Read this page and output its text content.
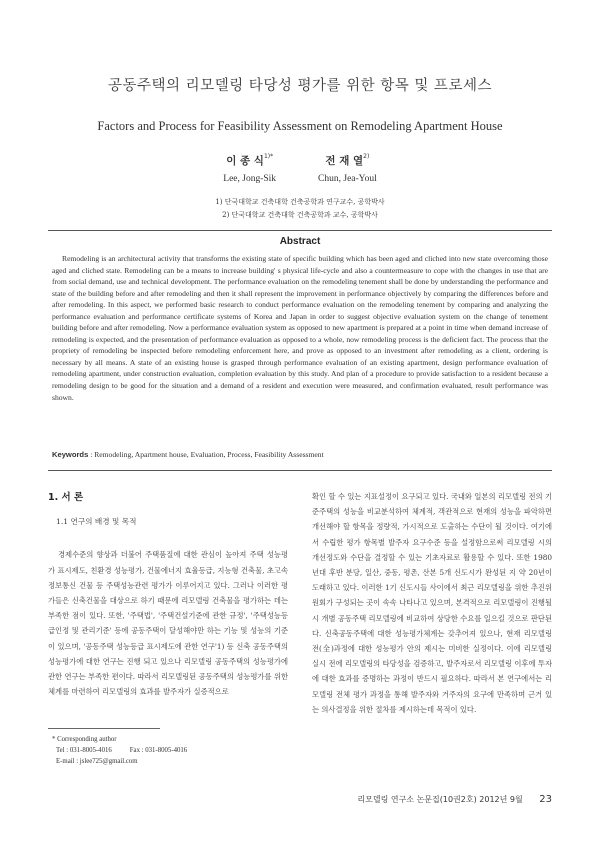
공동주택의 리모델링 타당성 평가를 위한 항목 및 프로세스
Factors and Process for Feasibility Assessment on Remodeling Apartment House
이 종 식$^{1)*}$
Lee, Jong-Sik
전 재 열$^{2)}$
Chun, Jea-Youl
1) 단국대학교 건축대학 건축공학과 연구교수, 공학박사
2) 단국대학교 건축대학 건축공학과 교수, 공학박사
Abstract
Remodeling is an architectural activity that transforms the existing state of specific building which has been aged and cliched into new state overcoming those aged and cliched state. Remodeling can be a means to increase building' s physical life-cycle and also a countermeasure to cope with the changes in use that are from social demand, use and technical development. The performance evaluation on the remodeling tenement shall be done by understanding the performance and state of the building before and after remodeling and then it shall represent the improvement in performance objectively by comparing the differences before and after remodeling. In this aspect, we performed basic research to conduct performance evaluation on the remodeling tenement by comparing and analyzing the performance evaluation and performance certificate systems of Korea and Japan in order to suggest objective evaluation system on the change of tenement building before and after remodeling. Now a performance evaluation system as opposed to new apartment is prepared at a point in time when demand increase of remodeling is expected, and the presentation of performance evaluation as opposed to a whole, now remodeling process is the deficient fact. The process that the propriety of remodeling be inspected before remodeling enforcement here, and prove as opposed to an investment after remodeling as a client, ordering is necessary by all means. A state of an existing house is grasped through performance evaluation of an existing apartment, design performance evaluation of remodeling apartment, under construction evaluation, completion evaluation by this study. And plan of a procedure to provide satisfaction to a resident because a remodeling design to be good for the situation and a demand of a resident and execution were measured, and confirmation evaluated, result performance was shown.
Keywords : Remodeling, Apartment house, Evaluation, Process, Feasibility Assessment
1. 서 론
1.1 연구의 배경 및 목적
경제수준의 향상과 더불어 주택품질에 대한 관심이 높아져 주택 성능평가 표시제도, 친환경 성능평가, 건물에너지 효율등급, 지능형 건축물, 초고속 정보통신 건물 등 주택성능관련 평가가 이루어지고 있다. 그러나 이러한 평가들은 신축건물을 대상으로 하기 때문에 리모델링 건축물을 평가하는 데는 부족한 점이 있다. 또한, '주택법', '주택건설기준에 관한 규정', '주택성능등급인정 및 관리기준' 등에 공동주택이 달성해야만 하는 기능 및 성능의 기준이 있으며, '공동주택 성능등급 표시제도에 관한 연구'1) 등 신축 공동주택의 성능평가에 대한 연구는 진행 되고 있으나 리모델링 공동주택의 성능평가에 관한 연구는 부족한 편이다. 따라서 리모델링된 공동주택의 성능평가를 위한 체계를 마련하여 리모델링의 효과를 발주자가 실증적으로
확인 할 수 있는 지표설정이 요구되고 있다. 국내와 일본의 리모델링 전의 기준주택의 성능을 비교분석하여 체계적, 객관적으로 현재의 성능을 파악하면 개선해야 할 항목을 정량적, 가시적으로 도출하는 수단이 될 것이다. 여기에서 수립한 평가 항목별 발주자 요구수준 등을 설정함으로써 리모델링 시의 개선정도와 수단을 결정할 수 있는 기초자료로 활용할 수 있다. 또한 1980년대 후반 분당, 일산, 중동, 평촌, 산본 5개 신도시가 완성된 지 약 20년이 도래하고 있다. 이러한 1기 신도시들 사이에서 최근 리모델링을 위한 추진위원회가 구성되는 곳이 속속 나타나고 있으며, 본격적으로 리모델링이 진행될시 개별 공동주택 리모델링에 비교하여 상당한 수요를 일으킬 것으로 판단된다. 신축공동주택에 대한 성능평가체계는 갖추어져 있으나, 현재 리모델링 전(全)과정에 대한 성능평가 안의 제시는 미비한 실정이다. 이에 리모델링 실시 전에 리모델링의 타당성을 검증하고, 발주자로서 리모델링 이후에 투자에 대한 효과를 증명하는 과정이 반드시 필요하다. 따라서 본 연구에서는 리모델링 전체 평가 과정을 통해 발주자와 거주자의 요구에 만족하며 근거 있는 의사결정을 위한 절차를 제시하는데 목적이 있다.
* Corresponding author
Tel : 031-8005-4016	Fax : 031-8005-4016
E-mail : jslee725@gmail.com
리모델링 연구소 논문집(10권2호) 2012년 9월 23
